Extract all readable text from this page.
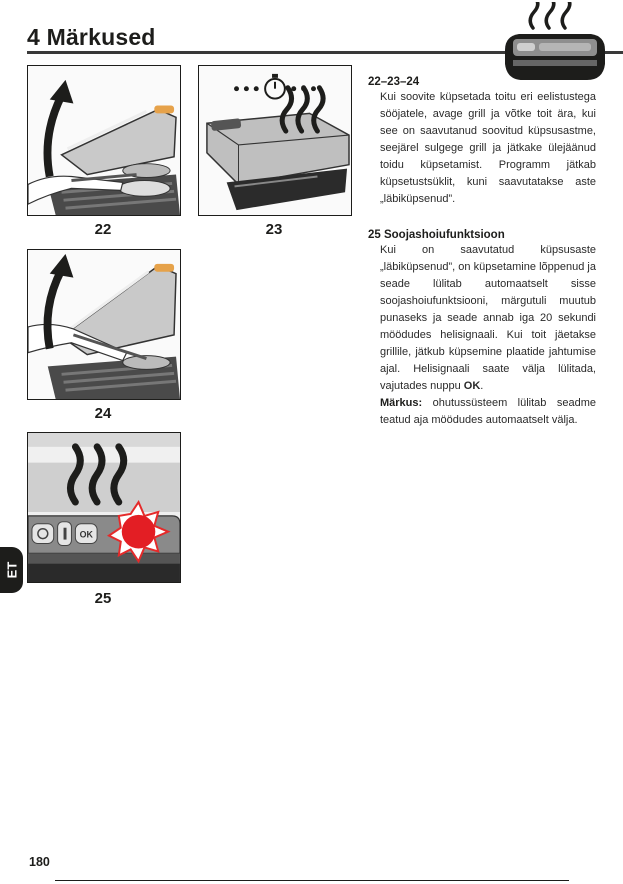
4 Märkused
22	23
24
OK
25
22–23–24

Kui soovite küpsetada toitu eri eelistustega sööjatele, avage grill ja võtke toit ära, kui see on saavutanud soovitud küpsusastme, seejärel sulgege grill ja jätkake ülejäänud toidu küpsetamist. Programm jätkab küpsetustsüklit, kuni saavutatakse aste „läbiküpsenud”.

25 Soojashoiufunktsioon

Kui on saavutatud küpsusaste „läbiküpsenud”, on küpsetamine lõppenud ja seade lülitab automaatselt sisse soojashoiufunktsiooni, märgutuli muutub punaseks ja seade annab iga 20 sekundi möödudes helisignaali. Kui toit jäetakse grillile, jätkub küpsemine plaatide jahtumise ajal. Helisignaali saate välja lülitada, vajutades nuppu OK.

Märkus: ohutussüsteem lülitab seadme teatud aja möödudes automaatselt välja.

ET
180
